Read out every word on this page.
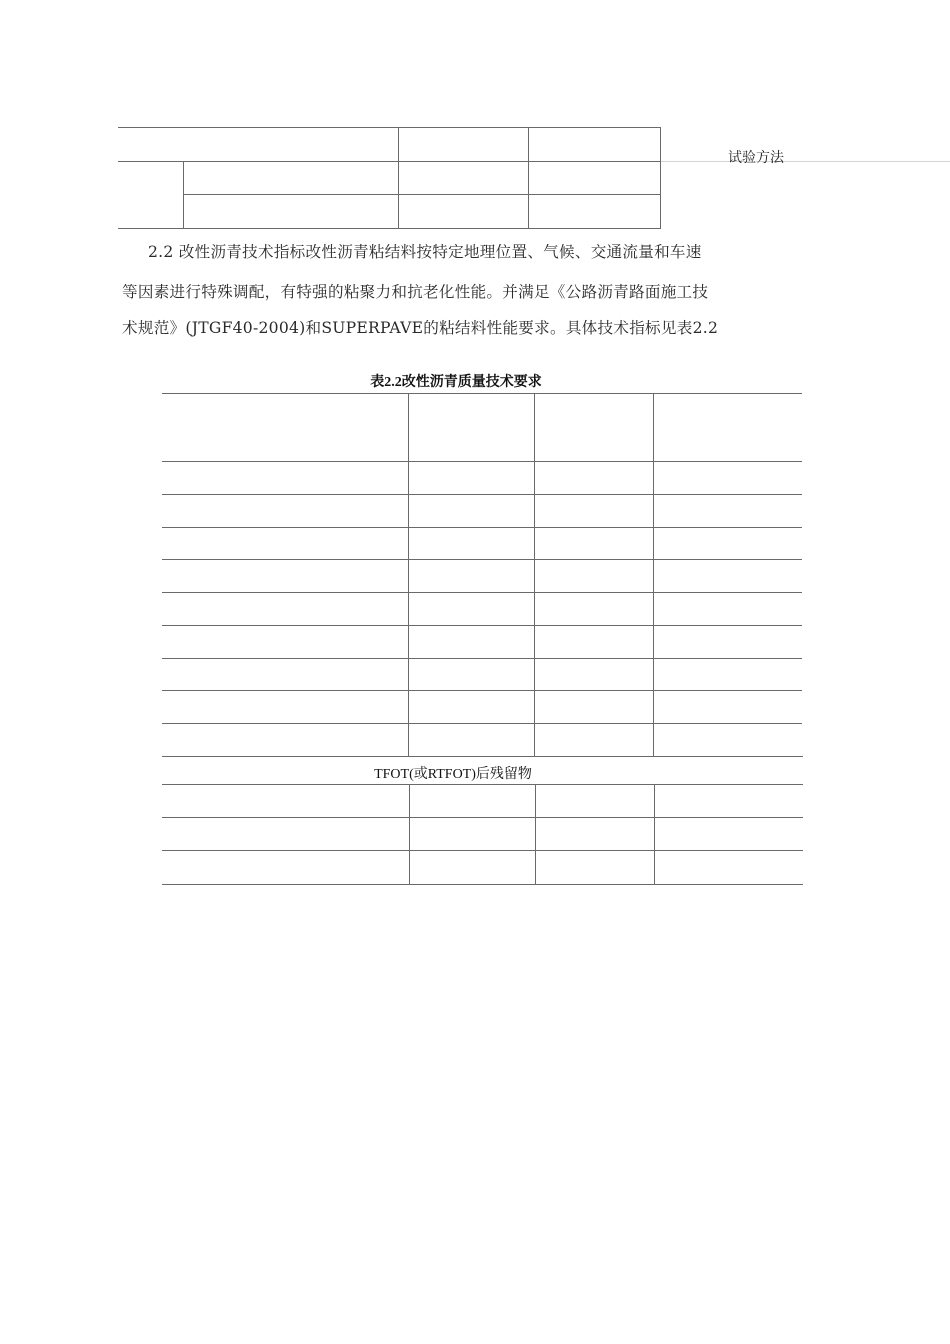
试验方法
2.2 改性沥青技术指标改性沥青粘结料按特定地理位置、气候、交通流量和车速
等因素进行特殊调配，有特强的粘聚力和抗老化性能。并满足《公路沥青路面施工技
术规范》(JTGF40-2004)和SUPERPAVE的粘结料性能要求。具体技术指标见表2.2
表2.2改性沥青质量技术要求
TFOT(或RTFOT)后残留物
